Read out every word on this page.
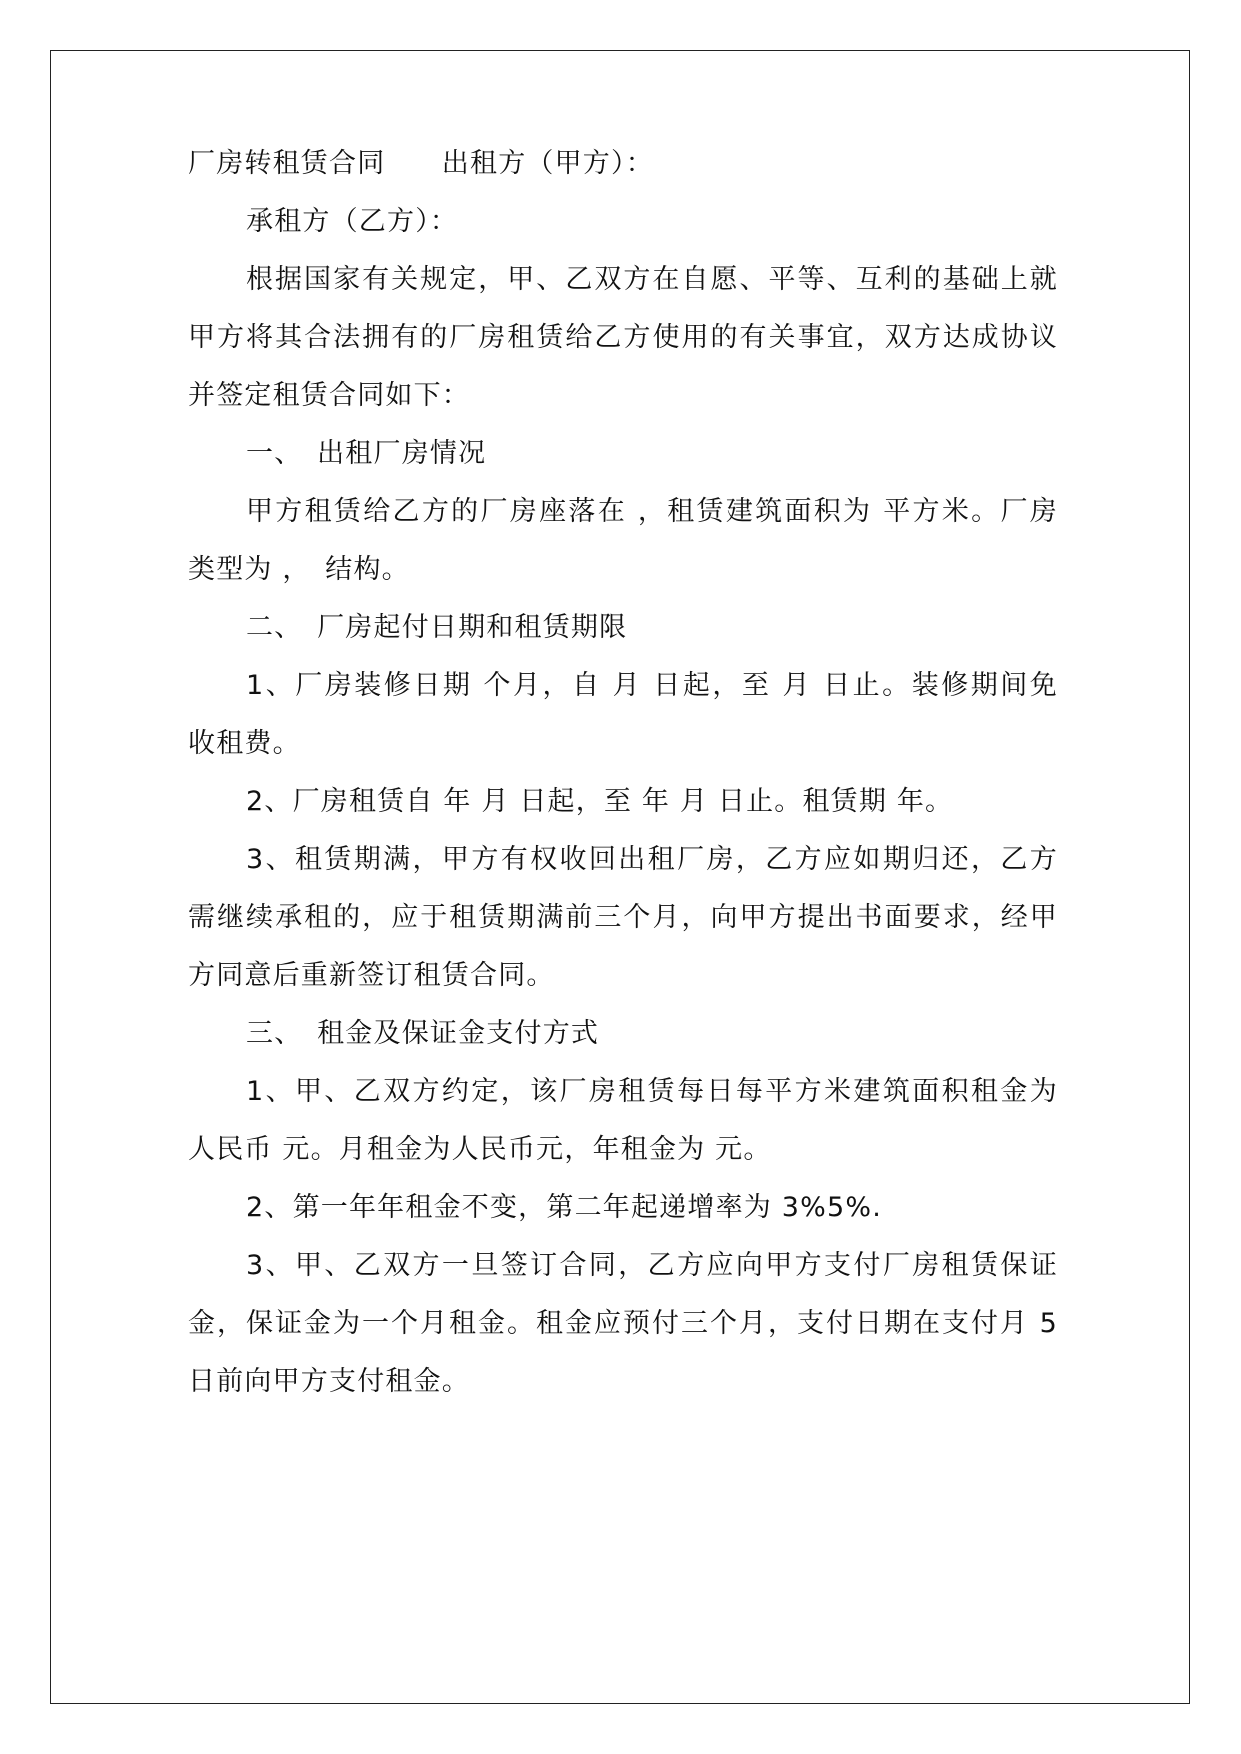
厂房转租赁合同　　出租方（甲方）：
承租方（乙方）：
根据国家有关规定，甲、乙双方在自愿、平等、互利的基础上就
甲方将其合法拥有的厂房租赁给乙方使用的有关事宜，双方达成协议
并签定租赁合同如下：
一、　出租厂房情况
甲方租赁给乙方的厂房座落在 ，租赁建筑面积为 平方米。厂房
类型为 ，　结构。
二、　厂房起付日期和租赁期限
1、厂房装修日期 个月，自 月 日起，至 月 日止。装修期间免
收租费。
2、厂房租赁自 年 月 日起，至 年 月 日止。租赁期 年。
3、租赁期满，甲方有权收回出租厂房，乙方应如期归还，乙方
需继续承租的，应于租赁期满前三个月，向甲方提出书面要求，经甲
方同意后重新签订租赁合同。
三、　租金及保证金支付方式
1、甲、乙双方约定，该厂房租赁每日每平方米建筑面积租金为
人民币 元。月租金为人民币元，年租金为 元。
2、第一年年租金不变，第二年起递增率为 3%5%.
3、甲、乙双方一旦签订合同，乙方应向甲方支付厂房租赁保证
金，保证金为一个月租金。租金应预付三个月，支付日期在支付月 5
日前向甲方支付租金。
